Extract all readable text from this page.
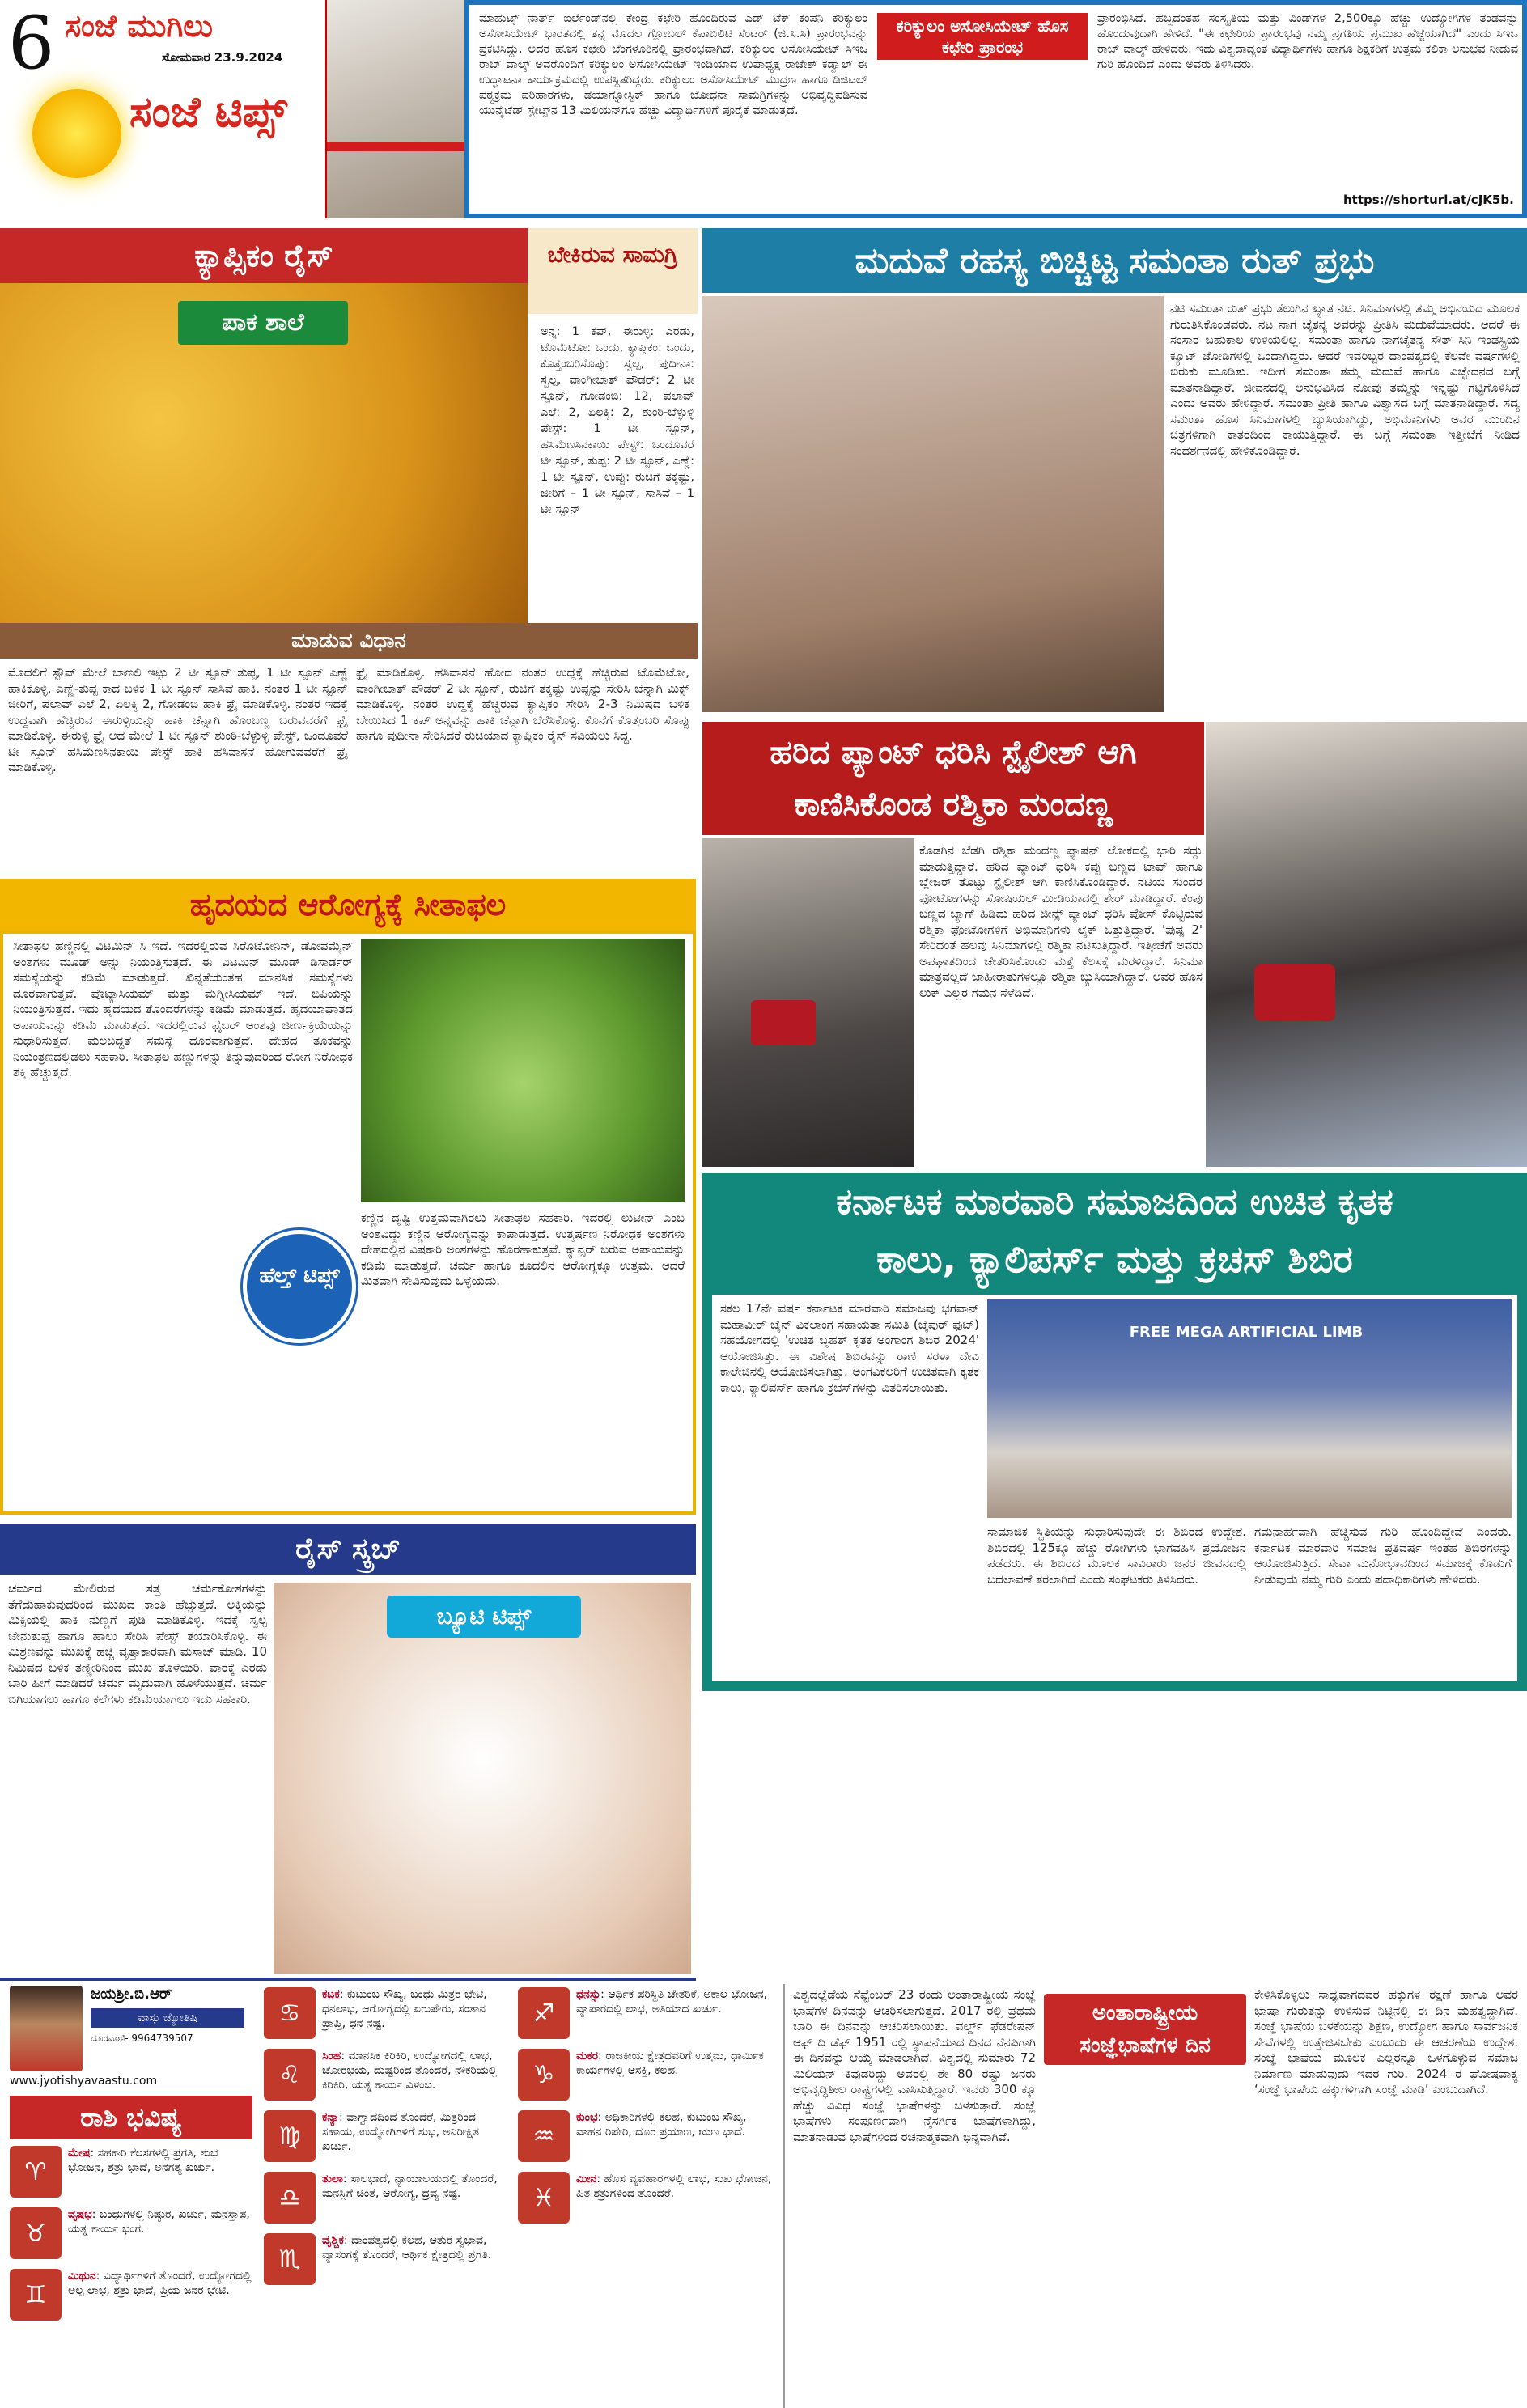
6 ಸಂಜೆ ಮುಗಿಲು
ಸೋಮವಾರ 23.9.2024
ಸಂಜೆ ಟಿಪ್ಸ್
ಮಾಹುಟ್ಸ್ ನಾರ್ತ್ ಐರ್ಲೆಂಡ್‌ನಲ್ಲಿ ಕೇಂದ್ರ ಕಛೇರಿ ಹೊಂದಿರುವ ಎಡ್ ಟೆಕ್ ಕಂಪನಿ ಕರಿಕ್ಯುಲಂ ಅಸೋಸಿಯೇಟ್ ಭಾರತದಲ್ಲಿ ತನ್ನ ಮೊದಲ ಗ್ಲೋಬಲ್ ಕೆಪಾಬಿಲಿಟಿ ಸೆಂಟರ್ (ಜಿ.ಸಿ.ಸಿ) ಪ್ರಾರಂಭವನ್ನು ಪ್ರಕಟಿಸಿದ್ದು, ಅದರ ಹೊಸ ಕಛೇರಿ ಬೆಂಗಳೂರಿನಲ್ಲಿ ಪ್ರಾರಂಭವಾಗಿದೆ. ಕರಿಕ್ಯುಲಂ ಅಸೋಸಿಯೇಟ್ ಸಿಇಒ ರಾಬ್ ವಾಲ್ಶ್ ಅವರೊಂದಿಗೆ ಕರಿಕ್ಯುಲಂ ಅಸೋಸಿಯೇಟ್ ಇಂಡಿಯಾದ ಉಪಾಧ್ಯಕ್ಷ ರಾಜೇಶ್ ಕಡ್ವಾಲ್ ಈ ಉದ್ಘಾಟನಾ ಕಾರ್ಯಕ್ರಮದಲ್ಲಿ ಉಪಸ್ಥಿತರಿದ್ದರು. ಕರಿಕ್ಯುಲಂ ಅಸೋಸಿಯೇಟ್ ಮುದ್ರಣ ಹಾಗೂ ಡಿಜಿಟಲ್ ಪಠ್ಯಕ್ರಮ ಪರಿಹಾರಗಳು, ಡಯಾಗ್ನೋಸ್ಟಿಕ್ ಹಾಗೂ ಬೋಧನಾ ಸಾಮಗ್ರಿಗಳನ್ನು ಅಭಿವೃದ್ಧಿಪಡಿಸುವ ಯುನೈಟೆಡ್ ಸ್ಟೇಟ್ಸ್‌ನ 13 ಮಿಲಿಯನ್‌ಗೂ ಹೆಚ್ಚು ವಿದ್ಯಾರ್ಥಿಗಳಿಗೆ ಪೂರೈಕೆ ಮಾಡುತ್ತದೆ.
ಕರಿಕ್ಯುಲಂ ಅಸೋಸಿಯೇಟ್ ಹೊಸ ಕಛೇರಿ ಪ್ರಾರಂಭ
ಪ್ರಾರಂಭಿಸಿದೆ. ಹಬ್ಬದಂತಹ ಸಂಸ್ಕೃತಿಯ ಮತ್ತು ವಿಂಡ್‌ಗಳ 2,500ಕ್ಕೂ ಹೆಚ್ಚು ಉದ್ಯೋಗಿಗಳ ತಂಡವನ್ನು ಹೊಂದುವುದಾಗಿ ಹೇಳಿದೆ. "ಈ ಕಛೇರಿಯ ಪ್ರಾರಂಭವು ನಮ್ಮ ಪ್ರಗತಿಯ ಪ್ರಮುಖ ಹೆಜ್ಜೆಯಾಗಿದೆ" ಎಂದು ಸಿಇಒ ರಾಬ್ ವಾಲ್ಶ್ ಹೇಳಿದರು. ಇದು ವಿಶ್ವದಾದ್ಯಂತ ವಿದ್ಯಾರ್ಥಿಗಳು ಹಾಗೂ ಶಿಕ್ಷಕರಿಗೆ ಉತ್ತಮ ಕಲಿಕಾ ಅನುಭವ ನೀಡುವ ಗುರಿ ಹೊಂದಿದೆ ಎಂದು ಅವರು ತಿಳಿಸಿದರು.
https://shorturl.at/cJK5b.
ಕ್ಯಾಪ್ಸಿಕಂ ರೈಸ್	ಬೇಕಿರುವ ಸಾಮಗ್ರಿ
ಪಾಕ ಶಾಲೆ	ಅನ್ನ: 1 ಕಪ್, ಈರುಳ್ಳಿ: ಎರಡು, ಟೊಮೆಟೋ: ಒಂದು, ಕ್ಯಾಪ್ಸಿಕಂ: ಒಂದು, ಕೊತ್ತಂಬರಿಸೊಪ್ಪು: ಸ್ವಲ್ಪ, ಪುದೀನಾ: ಸ್ವಲ್ಪ, ವಾಂಗೀಬಾತ್ ಪೌಡರ್: 2 ಟೀ ಸ್ಪೂನ್, ಗೋಡಂಬಿ: 12, ಪಲಾವ್ ಎಲೆ: 2, ಏಲಕ್ಕಿ: 2, ಶುಂಠಿ-ಬೆಳ್ಳುಳ್ಳಿ ಪೇಸ್ಟ್: 1 ಟೀ ಸ್ಪೂನ್, ಹಸಿಮೆಣಸಿನಕಾಯಿ ಪೇಸ್ಟ್: ಒಂದೂವರೆ ಟೀ ಸ್ಪೂನ್, ತುಪ್ಪ: 2 ಟೀ ಸ್ಪೂನ್, ಎಣ್ಣೆ: 1 ಟೀ ಸ್ಪೂನ್, ಉಪ್ಪು: ರುಚಿಗೆ ತಕ್ಕಷ್ಟು, ಜೀರಿಗೆ – 1 ಟೀ ಸ್ಪೂನ್, ಸಾಸಿವೆ – 1 ಟೀ ಸ್ಪೂನ್
ಮಾಡುವ ವಿಧಾನ
ಮೊದಲಿಗೆ ಸ್ಟೌವ್ ಮೇಲೆ ಬಾಣಲಿ ಇಟ್ಟು 2 ಟೀ ಸ್ಪೂನ್ ತುಪ್ಪ, 1 ಟೀ ಸ್ಪೂನ್ ಎಣ್ಣೆ ಹಾಕಿಕೊಳ್ಳಿ. ಎಣ್ಣೆ-ತುಪ್ಪ ಕಾದ ಬಳಿಕ 1 ಟೀ ಸ್ಪೂನ್ ಸಾಸಿವೆ ಹಾಕಿ. ನಂತರ 1 ಟೀ ಸ್ಪೂನ್ ಜೀರಿಗೆ, ಪಲಾವ್ ಎಲೆ 2, ಏಲಕ್ಕಿ 2, ಗೋಡಂಬಿ ಹಾಕಿ ಫ್ರೈ ಮಾಡಿಕೊಳ್ಳಿ. ನಂತರ ಇದಕ್ಕೆ ಉದ್ದವಾಗಿ ಹೆಚ್ಚಿರುವ ಈರುಳ್ಳಿಯನ್ನು ಹಾಕಿ ಚೆನ್ನಾಗಿ ಹೊಂಬಣ್ಣ ಬರುವವರೆಗೆ ಫ್ರೈ ಮಾಡಿಕೊಳ್ಳಿ. ಈರುಳ್ಳಿ ಫ್ರೈ ಆದ ಮೇಲೆ 1 ಟೀ ಸ್ಪೂನ್ ಶುಂಠಿ-ಬೆಳ್ಳುಳ್ಳಿ ಪೇಸ್ಟ್, ಒಂದೂವರೆ ಟೀ ಸ್ಪೂನ್ ಹಸಿಮೆಣಸಿನಕಾಯಿ ಪೇಸ್ಟ್ ಹಾಕಿ ಹಸಿವಾಸನೆ ಹೋಗುವವರೆಗೆ ಫ್ರೈ ಮಾಡಿಕೊಳ್ಳಿ.
ಫ್ರೈ ಮಾಡಿಕೊಳ್ಳಿ. ಹಸಿವಾಸನೆ ಹೋದ ನಂತರ ಉದ್ದಕ್ಕೆ ಹೆಚ್ಚಿರುವ ಟೊಮೆಟೋ, ವಾಂಗೀಬಾತ್ ಪೌಡರ್ 2 ಟೀ ಸ್ಪೂನ್, ರುಚಿಗೆ ತಕ್ಕಷ್ಟು ಉಪ್ಪನ್ನು ಸೇರಿಸಿ ಚೆನ್ನಾಗಿ ಮಿಕ್ಸ್ ಮಾಡಿಕೊಳ್ಳಿ. ನಂತರ ಉದ್ದಕ್ಕೆ ಹೆಚ್ಚಿರುವ ಕ್ಯಾಪ್ಸಿಕಂ ಸೇರಿಸಿ 2-3 ನಿಮಿಷದ ಬಳಿಕ ಬೇಯಿಸಿದ 1 ಕಪ್ ಅನ್ನವನ್ನು ಹಾಕಿ ಚೆನ್ನಾಗಿ ಬೆರೆಸಿಕೊಳ್ಳಿ. ಕೊನೆಗೆ ಕೊತ್ತಂಬರಿ ಸೊಪ್ಪು ಹಾಗೂ ಪುದೀನಾ ಸೇರಿಸಿದರೆ ರುಚಿಯಾದ ಕ್ಯಾಪ್ಸಿಕಂ ರೈಸ್ ಸವಿಯಲು ಸಿದ್ಧ.
ಮದುವೆ ರಹಸ್ಯ ಬಿಚ್ಚಿಟ್ಟ ಸಮಂತಾ ರುತ್ ಪ್ರಭು
ನಟಿ ಸಮಂತಾ ರುತ್ ಪ್ರಭು ತೆಲುಗಿನ ಖ್ಯಾತ ನಟಿ. ಸಿನಿಮಾಗಳಲ್ಲಿ ತಮ್ಮ ಅಭಿನಯದ ಮೂಲಕ ಗುರುತಿಸಿಕೊಂಡವರು. ನಟ ನಾಗ ಚೈತನ್ಯ ಅವರನ್ನು ಪ್ರೀತಿಸಿ ಮದುವೆಯಾದರು. ಆದರೆ ಈ ಸಂಸಾರ ಬಹುಕಾಲ ಉಳಿಯಲಿಲ್ಲ. ಸಮಂತಾ ಹಾಗೂ ನಾಗಚೈತನ್ಯ ಸೌತ್ ಸಿನಿ ಇಂಡಸ್ಟ್ರಿಯ ಕ್ಯೂಟ್ ಜೋಡಿಗಳಲ್ಲಿ ಒಂದಾಗಿದ್ದರು. ಆದರೆ ಇವರಿಬ್ಬರ ದಾಂಪತ್ಯದಲ್ಲಿ ಕೆಲವೇ ವರ್ಷಗಳಲ್ಲಿ ಬಿರುಕು ಮೂಡಿತು. ಇದೀಗ ಸಮಂತಾ ತಮ್ಮ ಮದುವೆ ಹಾಗೂ ವಿಚ್ಛೇದನದ ಬಗ್ಗೆ ಮಾತನಾಡಿದ್ದಾರೆ. ಜೀವನದಲ್ಲಿ ಅನುಭವಿಸಿದ ನೋವು ತಮ್ಮನ್ನು ಇನ್ನಷ್ಟು ಗಟ್ಟಿಗೊಳಿಸಿದೆ ಎಂದು ಅವರು ಹೇಳಿದ್ದಾರೆ. ಸಮಂತಾ ಪ್ರೀತಿ ಹಾಗೂ ವಿಶ್ವಾಸದ ಬಗ್ಗೆ ಮಾತನಾಡಿದ್ದಾರೆ. ಸದ್ಯ ಸಮಂತಾ ಹೊಸ ಸಿನಿಮಾಗಳಲ್ಲಿ ಬ್ಯುಸಿಯಾಗಿದ್ದು, ಅಭಿಮಾನಿಗಳು ಅವರ ಮುಂದಿನ ಚಿತ್ರಗಳಿಗಾಗಿ ಕಾತರದಿಂದ ಕಾಯುತ್ತಿದ್ದಾರೆ. ಈ ಬಗ್ಗೆ ಸಮಂತಾ ಇತ್ತೀಚೆಗೆ ನೀಡಿದ ಸಂದರ್ಶನದಲ್ಲಿ ಹೇಳಿಕೊಂಡಿದ್ದಾರೆ.
ಹರಿದ ಪ್ಯಾಂಟ್ ಧರಿಸಿ ಸ್ಟೈಲೀಶ್ ಆಗಿ ಕಾಣಿಸಿಕೊಂಡ ರಶ್ಮಿಕಾ ಮಂದಣ್ಣ
ಕೊಡಗಿನ ಬೆಡಗಿ ರಶ್ಮಿಕಾ ಮಂದಣ್ಣ ಫ್ಯಾಷನ್ ಲೋಕದಲ್ಲಿ ಭಾರಿ ಸದ್ದು ಮಾಡುತ್ತಿದ್ದಾರೆ. ಹರಿದ ಪ್ಯಾಂಟ್ ಧರಿಸಿ ಕಪ್ಪು ಬಣ್ಣದ ಟಾಪ್ ಹಾಗೂ ಬ್ಲೇಜರ್ ತೊಟ್ಟು ಸ್ಟೈಲೀಶ್ ಆಗಿ ಕಾಣಿಸಿಕೊಂಡಿದ್ದಾರೆ. ನಟಿಯ ಸುಂದರ ಫೋಟೋಗಳನ್ನು ಸೋಷಿಯಲ್ ಮೀಡಿಯಾದಲ್ಲಿ ಶೇರ್ ಮಾಡಿದ್ದಾರೆ. ಕೆಂಪು ಬಣ್ಣದ ಬ್ಯಾಗ್ ಹಿಡಿದು ಹರಿದ ಜೀನ್ಸ್ ಪ್ಯಾಂಟ್ ಧರಿಸಿ ಪೋಸ್ ಕೊಟ್ಟಿರುವ ರಶ್ಮಿಕಾ ಫೋಟೋಗಳಿಗೆ ಅಭಿಮಾನಿಗಳು ಲೈಕ್ ಒತ್ತುತ್ತಿದ್ದಾರೆ. 'ಪುಷ್ಪ 2' ಸೇರಿದಂತೆ ಹಲವು ಸಿನಿಮಾಗಳಲ್ಲಿ ರಶ್ಮಿಕಾ ನಟಿಸುತ್ತಿದ್ದಾರೆ. ಇತ್ತೀಚೆಗೆ ಅವರು ಅಪಘಾತದಿಂದ ಚೇತರಿಸಿಕೊಂಡು ಮತ್ತೆ ಕೆಲಸಕ್ಕೆ ಮರಳಿದ್ದಾರೆ. ಸಿನಿಮಾ ಮಾತ್ರವಲ್ಲದೆ ಜಾಹೀರಾತುಗಳಲ್ಲೂ ರಶ್ಮಿಕಾ ಬ್ಯುಸಿಯಾಗಿದ್ದಾರೆ. ಅವರ ಹೊಸ ಲುಕ್ ಎಲ್ಲರ ಗಮನ ಸೆಳೆದಿದೆ.
ಹೃದಯದ ಆರೋಗ್ಯಕ್ಕೆ ಸೀತಾಫಲ
ಸೀತಾಫಲ ಹಣ್ಣಿನಲ್ಲಿ ವಿಟಮಿನ್ ಸಿ ಇದೆ. ಇದರಲ್ಲಿರುವ ಸಿರೊಟೋನಿನ್, ಡೋಪಮೈನ್ ಅಂಶಗಳು ಮೂಡ್ ಅನ್ನು ನಿಯಂತ್ರಿಸುತ್ತದೆ. ಈ ವಿಟಮಿನ್ ಮೂಡ್ ಡಿಸಾರ್ಡರ್ ಸಮಸ್ಯೆಯನ್ನು ಕಡಿಮೆ ಮಾಡುತ್ತದೆ. ಖಿನ್ನತೆಯಂತಹ ಮಾನಸಿಕ ಸಮಸ್ಯೆಗಳು ದೂರವಾಗುತ್ತವೆ. ಪೊಟ್ಯಾಸಿಯಮ್ ಮತ್ತು ಮೆಗ್ನೀಸಿಯಮ್ ಇದೆ. ಬಿಪಿಯನ್ನು ನಿಯಂತ್ರಿಸುತ್ತದೆ. ಇದು ಹೃದಯದ ತೊಂದರೆಗಳನ್ನು ಕಡಿಮೆ ಮಾಡುತ್ತದೆ. ಹೃದಯಾಘಾತದ ಅಪಾಯವನ್ನು ಕಡಿಮೆ ಮಾಡುತ್ತದೆ. ಇದರಲ್ಲಿರುವ ಫೈಬರ್ ಅಂಶವು ಜೀರ್ಣಕ್ರಿಯೆಯನ್ನು ಸುಧಾರಿಸುತ್ತದೆ. ಮಲಬದ್ಧತೆ ಸಮಸ್ಯೆ ದೂರವಾಗುತ್ತದೆ. ದೇಹದ ತೂಕವನ್ನು ನಿಯಂತ್ರಣದಲ್ಲಿಡಲು ಸಹಕಾರಿ. ಸೀತಾಫಲ ಹಣ್ಣುಗಳನ್ನು ತಿನ್ನುವುದರಿಂದ ರೋಗ ನಿರೋಧಕ ಶಕ್ತಿ ಹೆಚ್ಚುತ್ತದೆ.
ಕಣ್ಣಿನ ದೃಷ್ಟಿ ಉತ್ತಮವಾಗಿರಲು ಸೀತಾಫಲ ಸಹಕಾರಿ. ಇದರಲ್ಲಿ ಲುಟೀನ್ ಎಂಬ ಅಂಶವಿದ್ದು ಕಣ್ಣಿನ ಆರೋಗ್ಯವನ್ನು ಕಾಪಾಡುತ್ತದೆ. ಉತ್ಕರ್ಷಣ ನಿರೋಧಕ ಅಂಶಗಳು ದೇಹದಲ್ಲಿನ ವಿಷಕಾರಿ ಅಂಶಗಳನ್ನು ಹೊರಹಾಕುತ್ತವೆ. ಕ್ಯಾನ್ಸರ್ ಬರುವ ಅಪಾಯವನ್ನು ಕಡಿಮೆ ಮಾಡುತ್ತದೆ. ಚರ್ಮ ಹಾಗೂ ಕೂದಲಿನ ಆರೋಗ್ಯಕ್ಕೂ ಉತ್ತಮ. ಆದರೆ ಮಿತವಾಗಿ ಸೇವಿಸುವುದು ಒಳ್ಳೆಯದು.
ಹೆಲ್ತ್ ಟಿಪ್ಸ್
ಕರ್ನಾಟಕ ಮಾರವಾರಿ ಸಮಾಜದಿಂದ ಉಚಿತ ಕೃತಕ
ಕಾಲು, ಕ್ಯಾಲಿಪರ್ಸ್ ಮತ್ತು ಕ್ರಚಸ್ ಶಿಬಿರ
ಸಕಲ 17ನೇ ವರ್ಷ ಕರ್ನಾಟಕ ಮಾರವಾರಿ ಸಮಾಜವು ಭಗವಾನ್ ಮಹಾವೀರ್ ಜೈನ್ ವಿಕಲಾಂಗ ಸಹಾಯತಾ ಸಮಿತಿ (ಜೈಪುರ್ ಫುಟ್) ಸಹಯೋಗದಲ್ಲಿ 'ಉಚಿತ ಬೃಹತ್ ಕೃತಕ ಅಂಗಾಂಗ ಶಿಬಿರ 2024' ಆಯೋಜಿಸಿತ್ತು. ಈ ವಿಶೇಷ ಶಿಬಿರವನ್ನು ರಾಣಿ ಸರಳಾ ದೇವಿ ಕಾಲೇಜಿನಲ್ಲಿ ಆಯೋಜಿಸಲಾಗಿತ್ತು. ಅಂಗವಿಕಲರಿಗೆ ಉಚಿತವಾಗಿ ಕೃತಕ ಕಾಲು, ಕ್ಯಾಲಿಪರ್ಸ್ ಹಾಗೂ ಕ್ರಚಸ್‌ಗಳನ್ನು ವಿತರಿಸಲಾಯಿತು.
FREE MEGA ARTIFICIAL LIMB
ಸಾಮಾಜಿಕ ಸ್ಥಿತಿಯನ್ನು ಸುಧಾರಿಸುವುದೇ ಈ ಶಿಬಿರದ ಉದ್ದೇಶ. ಶಿಬಿರದಲ್ಲಿ 125ಕ್ಕೂ ಹೆಚ್ಚು ರೋಗಿಗಳು ಭಾಗವಹಿಸಿ ಪ್ರಯೋಜನ ಪಡೆದರು. ಈ ಶಿಬಿರದ ಮೂಲಕ ಸಾವಿರಾರು ಜನರ ಜೀವನದಲ್ಲಿ ಬದಲಾವಣೆ ತರಲಾಗಿದೆ ಎಂದು ಸಂಘಟಕರು ತಿಳಿಸಿದರು.
ಗಮನಾರ್ಹವಾಗಿ ಹೆಚ್ಚಿಸುವ ಗುರಿ ಹೊಂದಿದ್ದೇವೆ ಎಂದರು. ಕರ್ನಾಟಕ ಮಾರವಾರಿ ಸಮಾಜ ಪ್ರತಿವರ್ಷ ಇಂತಹ ಶಿಬಿರಗಳನ್ನು ಆಯೋಜಿಸುತ್ತಿದೆ. ಸೇವಾ ಮನೋಭಾವದಿಂದ ಸಮಾಜಕ್ಕೆ ಕೊಡುಗೆ ನೀಡುವುದು ನಮ್ಮ ಗುರಿ ಎಂದು ಪದಾಧಿಕಾರಿಗಳು ಹೇಳಿದರು.
ರೈಸ್ ಸ್ಕ್ರಬ್
ಚರ್ಮದ ಮೇಲಿರುವ ಸತ್ತ ಚರ್ಮಕೋಶಗಳನ್ನು ತೆಗೆದುಹಾಕುವುದರಿಂದ ಮುಖದ ಕಾಂತಿ ಹೆಚ್ಚುತ್ತದೆ. ಅಕ್ಕಿಯನ್ನು ಮಿಕ್ಸಿಯಲ್ಲಿ ಹಾಕಿ ನುಣ್ಣಗೆ ಪುಡಿ ಮಾಡಿಕೊಳ್ಳಿ. ಇದಕ್ಕೆ ಸ್ವಲ್ಪ ಜೇನುತುಪ್ಪ ಹಾಗೂ ಹಾಲು ಸೇರಿಸಿ ಪೇಸ್ಟ್ ತಯಾರಿಸಿಕೊಳ್ಳಿ. ಈ ಮಿಶ್ರಣವನ್ನು ಮುಖಕ್ಕೆ ಹಚ್ಚಿ ವೃತ್ತಾಕಾರವಾಗಿ ಮಸಾಜ್ ಮಾಡಿ. 10 ನಿಮಿಷದ ಬಳಿಕ ತಣ್ಣೀರಿನಿಂದ ಮುಖ ತೊಳೆಯಿರಿ. ವಾರಕ್ಕೆ ಎರಡು ಬಾರಿ ಹೀಗೆ ಮಾಡಿದರೆ ಚರ್ಮ ಮೃದುವಾಗಿ ಹೊಳೆಯುತ್ತದೆ. ಚರ್ಮ ಬಿಗಿಯಾಗಲು ಹಾಗೂ ಕಲೆಗಳು ಕಡಿಮೆಯಾಗಲು ಇದು ಸಹಕಾರಿ.
ಬ್ಯೂಟಿ ಟಿಪ್ಸ್
ಜಯಶ್ರೀ.ಬಿ.ಆರ್
ವಾಸ್ತು ಜ್ಯೋತಿಷಿ
ದೂರವಾಣಿ- 9964739507
www.jyotishyavaastu.com
ರಾಶಿ ಭವಿಷ್ಯ
♈
ಮೇಷ: ಸಹಕಾರಿ ಕೆಲಸಗಳಲ್ಲಿ ಪ್ರಗತಿ, ಶುಭ ಭೋಜನ, ಶತ್ರು ಭಾದೆ, ಅನಗತ್ಯ ಖರ್ಚು.
♉
ವೃಷಭ: ಬಂಧುಗಳಲ್ಲಿ ನಿಷ್ಠುರ, ಖರ್ಚು, ಮನಸ್ತಾಪ, ಯತ್ನ ಕಾರ್ಯ ಭಂಗ.
♊
ಮಿಥುನ: ವಿದ್ಯಾರ್ಥಿಗಳಿಗೆ ತೊಂದರೆ, ಉದ್ಯೋಗದಲ್ಲಿ ಅಲ್ಪ ಲಾಭ, ಶತ್ರು ಭಾದೆ, ಪ್ರಿಯ ಜನರ ಭೇಟಿ.
♋
ಕಟಕ: ಕುಟುಂಬ ಸೌಖ್ಯ, ಬಂಧು ಮಿತ್ರರ ಭೇಟಿ, ಧನಲಾಭ, ಆರೋಗ್ಯದಲ್ಲಿ ಏರುಪೇರು, ಸಂತಾನ ಪ್ರಾಪ್ತಿ, ಧನ ನಷ್ಟ.
♌
ಸಿಂಹ: ಮಾನಸಿಕ ಕಿರಿಕಿರಿ, ಉದ್ಯೋಗದಲ್ಲಿ ಲಾಭ, ಚೋರಭಯ, ದುಷ್ಟರಿಂದ ತೊಂದರೆ, ನೌಕರಿಯಲ್ಲಿ ಕಿರಿಕಿರಿ, ಯತ್ನ ಕಾರ್ಯ ವಿಳಂಬ.
♍
ಕನ್ಯಾ: ವಾಗ್ವಾದದಿಂದ ತೊಂದರೆ, ಮಿತ್ರರಿಂದ ಸಹಾಯ, ಉದ್ಯೋಗಿಗಳಿಗೆ ಶುಭ, ಅನಿರೀಕ್ಷಿತ ಖರ್ಚು.
♎
ತುಲಾ: ಸಾಲಭಾದೆ, ನ್ಯಾಯಾಲಯದಲ್ಲಿ ತೊಂದರೆ, ಮನಸ್ಸಿಗೆ ಚಿಂತೆ, ಆರೋಗ್ಯ, ದ್ರವ್ಯ ನಷ್ಟ.
♏
ವೃಶ್ಚಿಕ: ದಾಂಪತ್ಯದಲ್ಲಿ ಕಲಹ, ಆತುರ ಸ್ವಭಾವ, ವ್ಯಾಸಂಗಕ್ಕೆ ತೊಂದರೆ, ಆರ್ಥಿಕ ಕ್ಷೇತ್ರದಲ್ಲಿ ಪ್ರಗತಿ.
♐
ಧನಸ್ಸು: ಆರ್ಥಿಕ ಪರಿಸ್ಥಿತಿ ಚೇತರಿಕೆ, ಅಕಾಲ ಭೋಜನ, ವ್ಯಾಪಾರದಲ್ಲಿ ಲಾಭ, ಅತಿಯಾದ ಖರ್ಚು.
♑
ಮಕರ: ರಾಜಕೀಯ ಕ್ಷೇತ್ರದವರಿಗೆ ಉತ್ತಮ, ಧಾರ್ಮಿಕ ಕಾರ್ಯಗಳಲ್ಲಿ ಆಸಕ್ತಿ, ಕಲಹ.
♒
ಕುಂಭ: ಅಧಿಕಾರಿಗಳಲ್ಲಿ ಕಲಹ, ಕುಟುಂಬ ಸೌಖ್ಯ, ವಾಹನ ರಿಪೇರಿ, ದೂರ ಪ್ರಯಾಣ, ಋಣ ಭಾದೆ.
♓
ಮೀನ: ಹೊಸ ವ್ಯವಹಾರಗಳಲ್ಲಿ ಲಾಭ, ಸುಖ ಭೋಜನ, ಹಿತ ಶತ್ರುಗಳಿಂದ ತೊಂದರೆ.
ವಿಶ್ವದಲ್ಲೆಡೆಯ ಸೆಪ್ಟೆಂಬರ್ 23 ರಂದು ಅಂತಾರಾಷ್ಟ್ರೀಯ ಸಂಜ್ಞೆ ಭಾಷೆಗಳ ದಿನವನ್ನು ಆಚರಿಸಲಾಗುತ್ತದೆ. 2017 ರಲ್ಲಿ ಪ್ರಥಮ ಬಾರಿ ಈ ದಿನವನ್ನು ಆಚರಿಸಲಾಯಿತು. ವರ್ಲ್ಡ್ ಫೆಡರೇಷನ್ ಆಫ್ ದಿ ಡೆಫ್ 1951 ರಲ್ಲಿ ಸ್ಥಾಪನೆಯಾದ ದಿನದ ನೆನಪಿಗಾಗಿ ಈ ದಿನವನ್ನು ಆಯ್ಕೆ ಮಾಡಲಾಗಿದೆ. ವಿಶ್ವದಲ್ಲಿ ಸುಮಾರು 72 ಮಿಲಿಯನ್ ಕಿವುಡರಿದ್ದು ಅವರಲ್ಲಿ ಶೇ 80 ರಷ್ಟು ಜನರು ಅಭಿವೃದ್ಧಿಶೀಲ ರಾಷ್ಟ್ರಗಳಲ್ಲಿ ವಾಸಿಸುತ್ತಿದ್ದಾರೆ. ಇವರು 300 ಕ್ಕೂ ಹೆಚ್ಚು ವಿವಿಧ ಸಂಜ್ಞೆ ಭಾಷೆಗಳನ್ನು ಬಳಸುತ್ತಾರೆ. ಸಂಜ್ಞೆ ಭಾಷೆಗಳು ಸಂಪೂರ್ಣವಾಗಿ ನೈಸರ್ಗಿಕ ಭಾಷೆಗಳಾಗಿದ್ದು, ಮಾತನಾಡುವ ಭಾಷೆಗಳಿಂದ ರಚನಾತ್ಮಕವಾಗಿ ಭಿನ್ನವಾಗಿವೆ.
ಅಂತಾರಾಷ್ಟ್ರೀಯ ಸಂಜ್ಞೆಭಾಷೆಗಳ ದಿನ
ಕೇಳಿಸಿಕೊಳ್ಳಲು ಸಾಧ್ಯವಾಗದವರ ಹಕ್ಕುಗಳ ರಕ್ಷಣೆ ಹಾಗೂ ಅವರ ಭಾಷಾ ಗುರುತನ್ನು ಉಳಿಸುವ ನಿಟ್ಟಿನಲ್ಲಿ ಈ ದಿನ ಮಹತ್ವದ್ದಾಗಿದೆ. ಸಂಜ್ಞೆ ಭಾಷೆಯ ಬಳಕೆಯನ್ನು ಶಿಕ್ಷಣ, ಉದ್ಯೋಗ ಹಾಗೂ ಸಾರ್ವಜನಿಕ ಸೇವೆಗಳಲ್ಲಿ ಉತ್ತೇಜಿಸಬೇಕು ಎಂಬುದು ಈ ಆಚರಣೆಯ ಉದ್ದೇಶ. ಸಂಜ್ಞೆ ಭಾಷೆಯ ಮೂಲಕ ಎಲ್ಲರನ್ನೂ ಒಳಗೊಳ್ಳುವ ಸಮಾಜ ನಿರ್ಮಾಣ ಮಾಡುವುದು ಇದರ ಗುರಿ. 2024 ರ ಘೋಷವಾಕ್ಯ ‘ಸಂಜ್ಞೆ ಭಾಷೆಯ ಹಕ್ಕುಗಳಿಗಾಗಿ ಸಂಜ್ಞೆ ಮಾಡಿ’ ಎಂಬುದಾಗಿದೆ.
